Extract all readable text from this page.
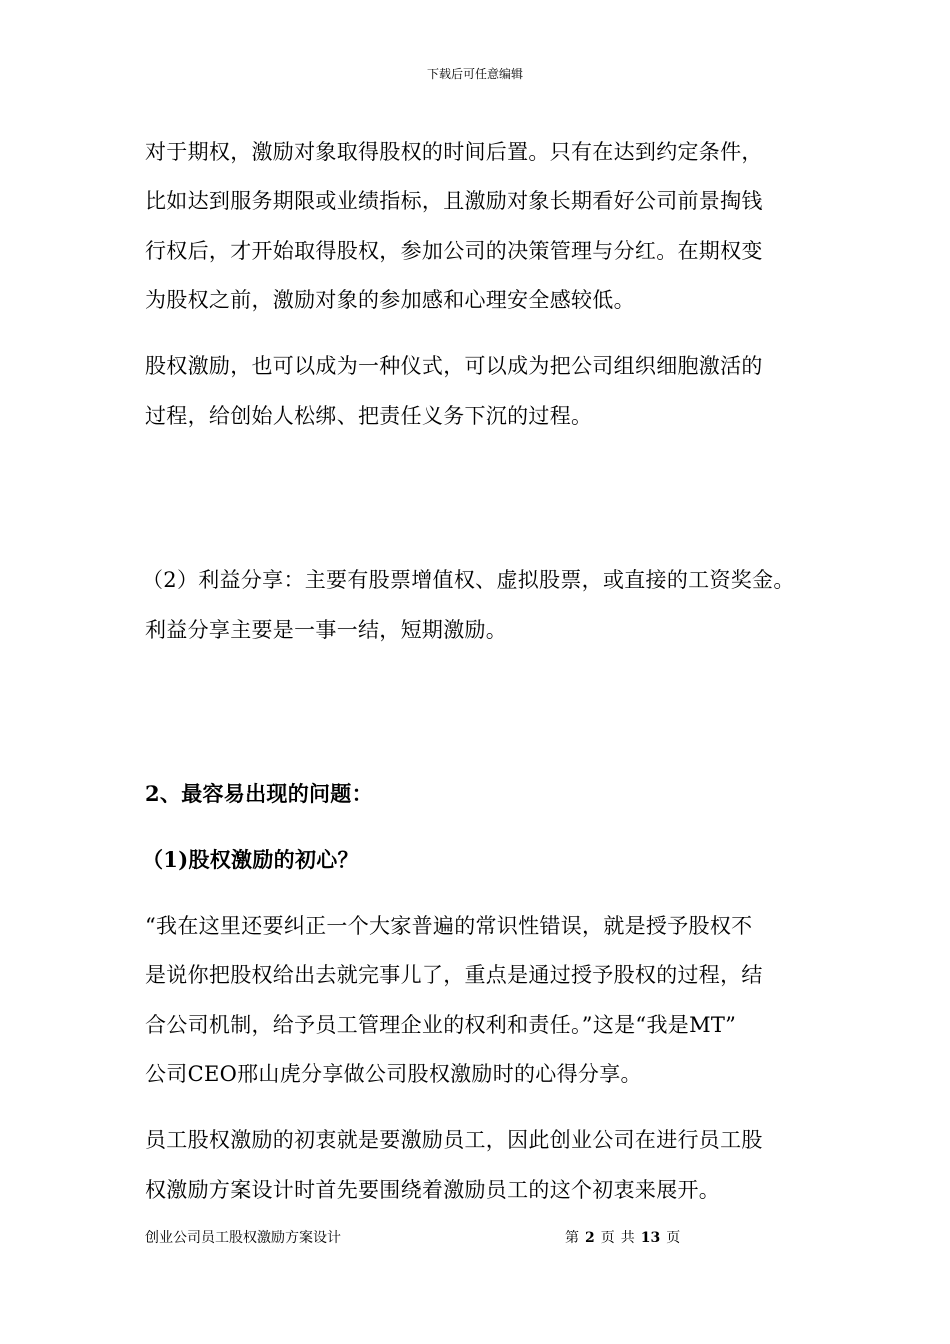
下载后可任意编辑
对于期权，激励对象取得股权的时间后置。只有在达到约定条件，
比如达到服务期限或业绩指标，且激励对象长期看好公司前景掏钱
行权后，才开始取得股权，参加公司的决策管理与分红。在期权变
为股权之前，激励对象的参加感和心理安全感较低。
股权激励，也可以成为一种仪式，可以成为把公司组织细胞激活的
过程，给创始人松绑、把责任义务下沉的过程。
（2）利益分享：主要有股票增值权、虚拟股票，或直接的工资奖金。
利益分享主要是一事一结，短期激励。
2、最容易出现的问题：
（1)股权激励的初心？
“我在这里还要纠正一个大家普遍的常识性错误，就是授予股权不
是说你把股权给出去就完事儿了，重点是通过授予股权的过程，结
合公司机制，给予员工管理企业的权利和责任。”这是“我是MT”
公司CEO邢山虎分享做公司股权激励时的心得分享。
员工股权激励的初衷就是要激励员工，因此创业公司在进行员工股
权激励方案设计时首先要围绕着激励员工的这个初衷来展开。
创业公司员工股权激励方案设计	第 2 页 共 13 页
